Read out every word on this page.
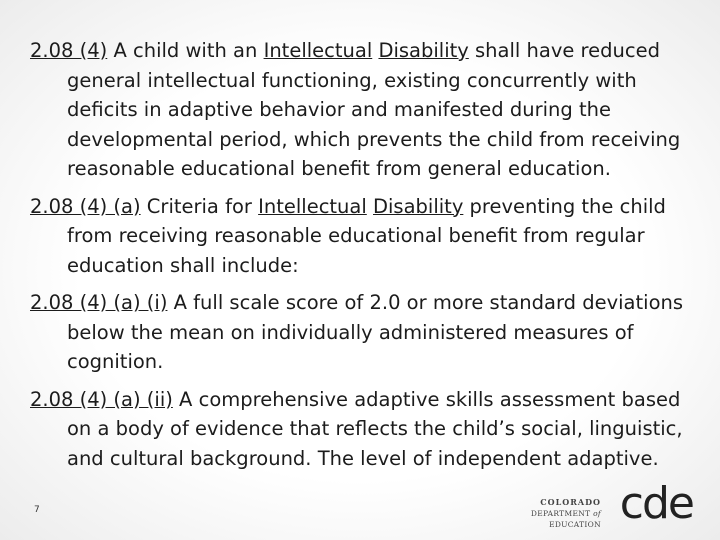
2.08 (4) A child with an Intellectual Disability shall have reduced general intellectual functioning, existing concurrently with deficits in adaptive behavior and manifested during the developmental period, which prevents the child from receiving reasonable educational benefit from general education.

2.08 (4) (a) Criteria for Intellectual Disability preventing the child from receiving reasonable educational benefit from regular education shall include:

2.08 (4) (a) (i) A full scale score of 2.0 or more standard deviations below the mean on individually administered measures of cognition.

2.08 (4) (a) (ii) A comprehensive adaptive skills assessment based on a body of evidence that reflects the child’s social, linguistic, and cultural background. The level of independent adaptive.

7
COLORADO
DEPARTMENT of EDUCATION cde
